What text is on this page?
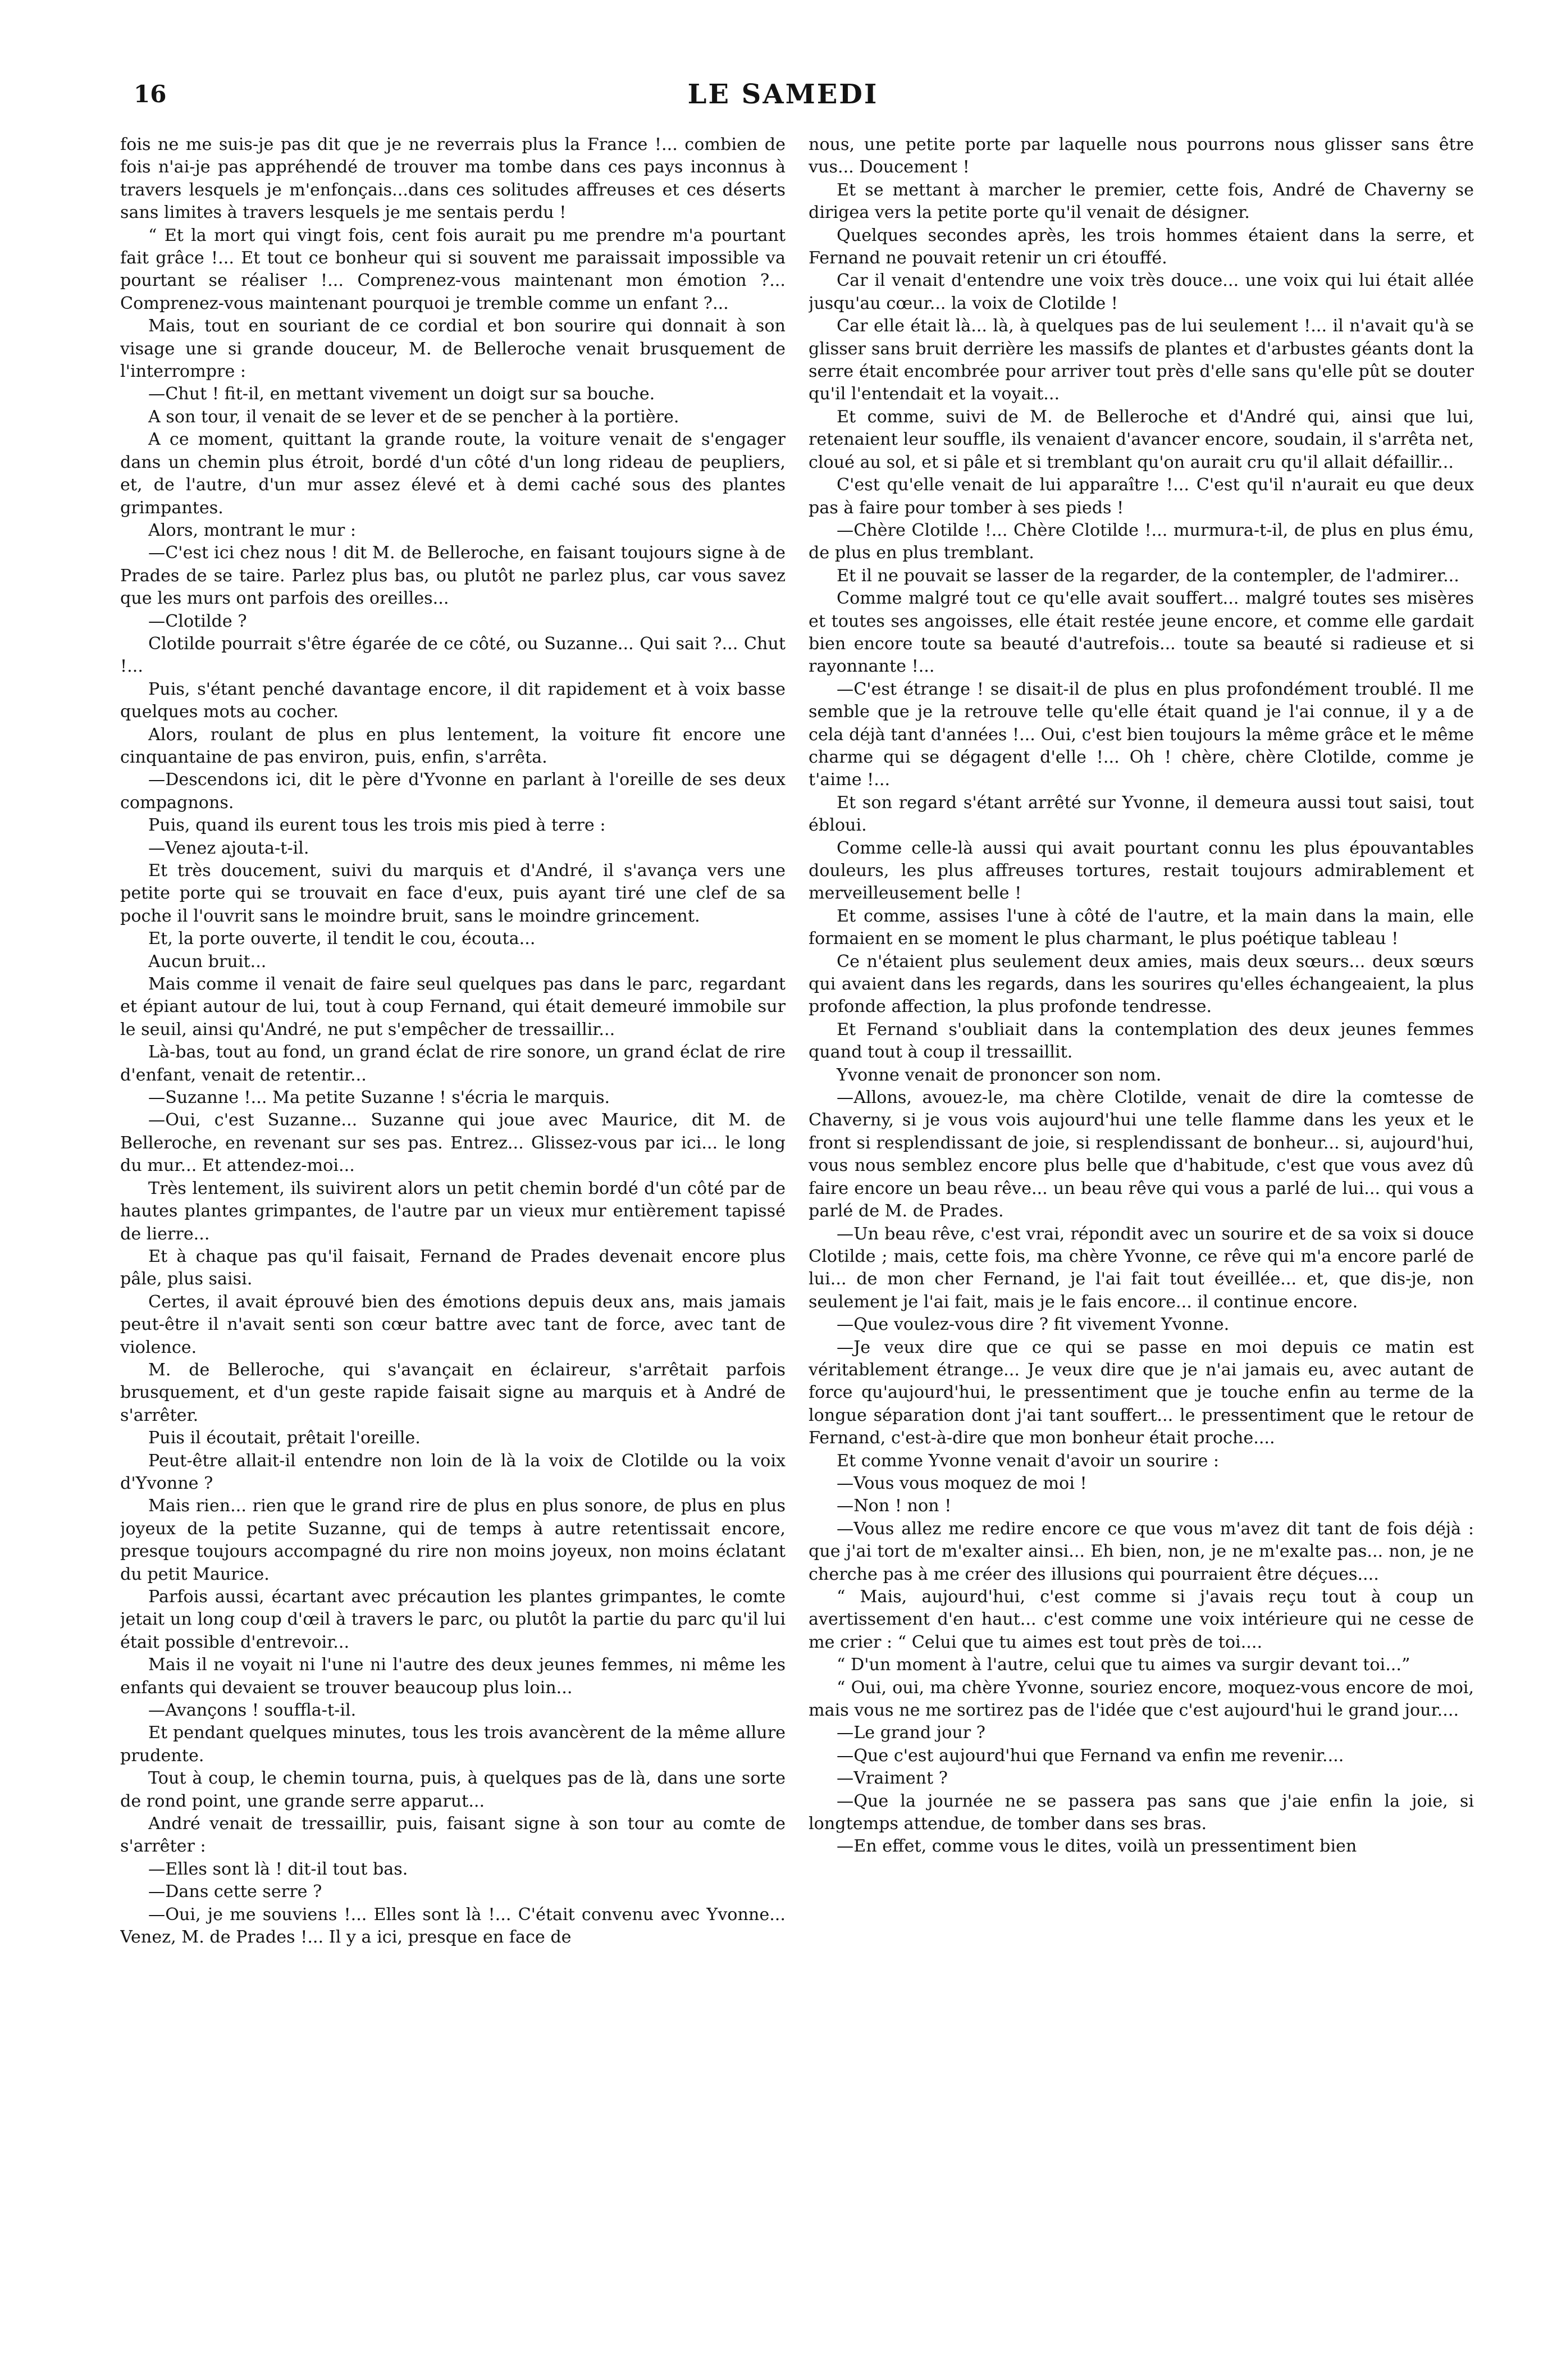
16	LE SAMEDI

fois ne me suis-je pas dit que je ne reverrais plus la France !... combien de fois n'ai-je pas appréhendé de trouver ma tombe dans ces pays inconnus à travers lesquels je m'enfonçais...dans ces solitudes affreuses et ces déserts sans limites à travers lesquels je me sentais perdu !

“ Et la mort qui vingt fois, cent fois aurait pu me prendre m'a pourtant fait grâce !... Et tout ce bonheur qui si souvent me paraissait impossible va pourtant se réaliser !... Comprenez-vous maintenant mon émotion ?... Comprenez-vous maintenant pourquoi je tremble comme un enfant ?...

Mais, tout en souriant de ce cordial et bon sourire qui donnait à son visage une si grande douceur, M. de Belleroche venait brusquement de l'interrompre :

—Chut ! fit-il, en mettant vivement un doigt sur sa bouche.

A son tour, il venait de se lever et de se pencher à la portière.

A ce moment, quittant la grande route, la voiture venait de s'engager dans un chemin plus étroit, bordé d'un côté d'un long rideau de peupliers, et, de l'autre, d'un mur assez élevé et à demi caché sous des plantes grimpantes.

Alors, montrant le mur :

—C'est ici chez nous ! dit M. de Belleroche, en faisant toujours signe à de Prades de se taire. Parlez plus bas, ou plutôt ne parlez plus, car vous savez que les murs ont parfois des oreilles...

—Clotilde ?

Clotilde pourrait s'être égarée de ce côté, ou Suzanne... Qui sait ?... Chut !...

Puis, s'étant penché davantage encore, il dit rapidement et à voix basse quelques mots au cocher.

Alors, roulant de plus en plus lentement, la voiture fit encore une cinquantaine de pas environ, puis, enfin, s'arrêta.

—Descendons ici, dit le père d'Yvonne en parlant à l'oreille de ses deux compagnons.

Puis, quand ils eurent tous les trois mis pied à terre :

—Venez ajouta-t-il.

Et très doucement, suivi du marquis et d'André, il s'avança vers une petite porte qui se trouvait en face d'eux, puis ayant tiré une clef de sa poche il l'ouvrit sans le moindre bruit, sans le moindre grincement.

Et, la porte ouverte, il tendit le cou, écouta...

Aucun bruit...

Mais comme il venait de faire seul quelques pas dans le parc, regardant et épiant autour de lui, tout à coup Fernand, qui était demeuré immobile sur le seuil, ainsi qu'André, ne put s'empêcher de tressaillir...

Là-bas, tout au fond, un grand éclat de rire sonore, un grand éclat de rire d'enfant, venait de retentir...

—Suzanne !... Ma petite Suzanne ! s'écria le marquis.

—Oui, c'est Suzanne... Suzanne qui joue avec Maurice, dit M. de Belleroche, en revenant sur ses pas. Entrez... Glissez-vous par ici... le long du mur... Et attendez-moi...

Très lentement, ils suivirent alors un petit chemin bordé d'un côté par de hautes plantes grimpantes, de l'autre par un vieux mur entièrement tapissé de lierre...

Et à chaque pas qu'il faisait, Fernand de Prades devenait encore plus pâle, plus saisi.

Certes, il avait éprouvé bien des émotions depuis deux ans, mais jamais peut-être il n'avait senti son cœur battre avec tant de force, avec tant de violence.

M. de Belleroche, qui s'avançait en éclaireur, s'arrêtait parfois brusquement, et d'un geste rapide faisait signe au marquis et à André de s'arrêter.

Puis il écoutait, prêtait l'oreille.

Peut-être allait-il entendre non loin de là la voix de Clotilde ou la voix d'Yvonne ?

Mais rien... rien que le grand rire de plus en plus sonore, de plus en plus joyeux de la petite Suzanne, qui de temps à autre retentissait encore, presque toujours accompagné du rire non moins joyeux, non moins éclatant du petit Maurice.

Parfois aussi, écartant avec précaution les plantes grimpantes, le comte jetait un long coup d'œil à travers le parc, ou plutôt la partie du parc qu'il lui était possible d'entrevoir...

Mais il ne voyait ni l'une ni l'autre des deux jeunes femmes, ni même les enfants qui devaient se trouver beaucoup plus loin...

—Avançons ! souffla-t-il.

Et pendant quelques minutes, tous les trois avancèrent de la même allure prudente.

Tout à coup, le chemin tourna, puis, à quelques pas de là, dans une sorte de rond point, une grande serre apparut...

André venait de tressaillir, puis, faisant signe à son tour au comte de s'arrêter :

—Elles sont là ! dit-il tout bas.

—Dans cette serre ?

—Oui, je me souviens !... Elles sont là !... C'était convenu avec Yvonne... Venez, M. de Prades !... Il y a ici, presque en face de

nous, une petite porte par laquelle nous pourrons nous glisser sans être vus... Doucement !

Et se mettant à marcher le premier, cette fois, André de Chaverny se dirigea vers la petite porte qu'il venait de désigner.

Quelques secondes après, les trois hommes étaient dans la serre, et Fernand ne pouvait retenir un cri étouffé.

Car il venait d'entendre une voix très douce... une voix qui lui était allée jusqu'au cœur... la voix de Clotilde !

Car elle était là... là, à quelques pas de lui seulement !... il n'avait qu'à se glisser sans bruit derrière les massifs de plantes et d'arbustes géants dont la serre était encombrée pour arriver tout près d'elle sans qu'elle pût se douter qu'il l'entendait et la voyait...

Et comme, suivi de M. de Belleroche et d'André qui, ainsi que lui, retenaient leur souffle, ils venaient d'avancer encore, soudain, il s'arrêta net, cloué au sol, et si pâle et si tremblant qu'on aurait cru qu'il allait défaillir...

C'est qu'elle venait de lui apparaître !... C'est qu'il n'aurait eu que deux pas à faire pour tomber à ses pieds !

—Chère Clotilde !... Chère Clotilde !... murmura-t-il, de plus en plus ému, de plus en plus tremblant.

Et il ne pouvait se lasser de la regarder, de la contempler, de l'admirer...

Comme malgré tout ce qu'elle avait souffert... malgré toutes ses misères et toutes ses angoisses, elle était restée jeune encore, et comme elle gardait bien encore toute sa beauté d'autrefois... toute sa beauté si radieuse et si rayonnante !...

—C'est étrange ! se disait-il de plus en plus profondément troublé. Il me semble que je la retrouve telle qu'elle était quand je l'ai connue, il y a de cela déjà tant d'années !... Oui, c'est bien toujours la même grâce et le même charme qui se dégagent d'elle !... Oh ! chère, chère Clotilde, comme je t'aime !...

Et son regard s'étant arrêté sur Yvonne, il demeura aussi tout saisi, tout ébloui.

Comme celle-là aussi qui avait pourtant connu les plus épouvantables douleurs, les plus affreuses tortures, restait toujours admirablement et merveilleusement belle !

Et comme, assises l'une à côté de l'autre, et la main dans la main, elle formaient en se moment le plus charmant, le plus poétique tableau !

Ce n'étaient plus seulement deux amies, mais deux sœurs... deux sœurs qui avaient dans les regards, dans les sourires qu'elles échangeaient, la plus profonde affection, la plus profonde tendresse.

Et Fernand s'oubliait dans la contemplation des deux jeunes femmes quand tout à coup il tressaillit.

Yvonne venait de prononcer son nom.

—Allons, avouez-le, ma chère Clotilde, venait de dire la comtesse de Chaverny, si je vous vois aujourd'hui une telle flamme dans les yeux et le front si resplendissant de joie, si resplendissant de bonheur... si, aujourd'hui, vous nous semblez encore plus belle que d'habitude, c'est que vous avez dû faire encore un beau rêve... un beau rêve qui vous a parlé de lui... qui vous a parlé de M. de Prades.

—Un beau rêve, c'est vrai, répondit avec un sourire et de sa voix si douce Clotilde ; mais, cette fois, ma chère Yvonne, ce rêve qui m'a encore parlé de lui... de mon cher Fernand, je l'ai fait tout éveillée... et, que dis-je, non seulement je l'ai fait, mais je le fais encore... il continue encore.

—Que voulez-vous dire ? fit vivement Yvonne.

—Je veux dire que ce qui se passe en moi depuis ce matin est véritablement étrange... Je veux dire que je n'ai jamais eu, avec autant de force qu'aujourd'hui, le pressentiment que je touche enfin au terme de la longue séparation dont j'ai tant souffert... le pressentiment que le retour de Fernand, c'est-à-dire que mon bonheur était proche....

Et comme Yvonne venait d'avoir un sourire :

—Vous vous moquez de moi !

—Non ! non !

—Vous allez me redire encore ce que vous m'avez dit tant de fois déjà : que j'ai tort de m'exalter ainsi... Eh bien, non, je ne m'exalte pas... non, je ne cherche pas à me créer des illusions qui pourraient être déçues....

“ Mais, aujourd'hui, c'est comme si j'avais reçu tout à coup un avertissement d'en haut... c'est comme une voix intérieure qui ne cesse de me crier : “ Celui que tu aimes est tout près de toi....

“ D'un moment à l'autre, celui que tu aimes va surgir devant toi...”

“ Oui, oui, ma chère Yvonne, souriez encore, moquez-vous encore de moi, mais vous ne me sortirez pas de l'idée que c'est aujourd'hui le grand jour....

—Le grand jour ?

—Que c'est aujourd'hui que Fernand va enfin me revenir....

—Vraiment ?

—Que la journée ne se passera pas sans que j'aie enfin la joie, si longtemps attendue, de tomber dans ses bras.

—En effet, comme vous le dites, voilà un pressentiment bien
